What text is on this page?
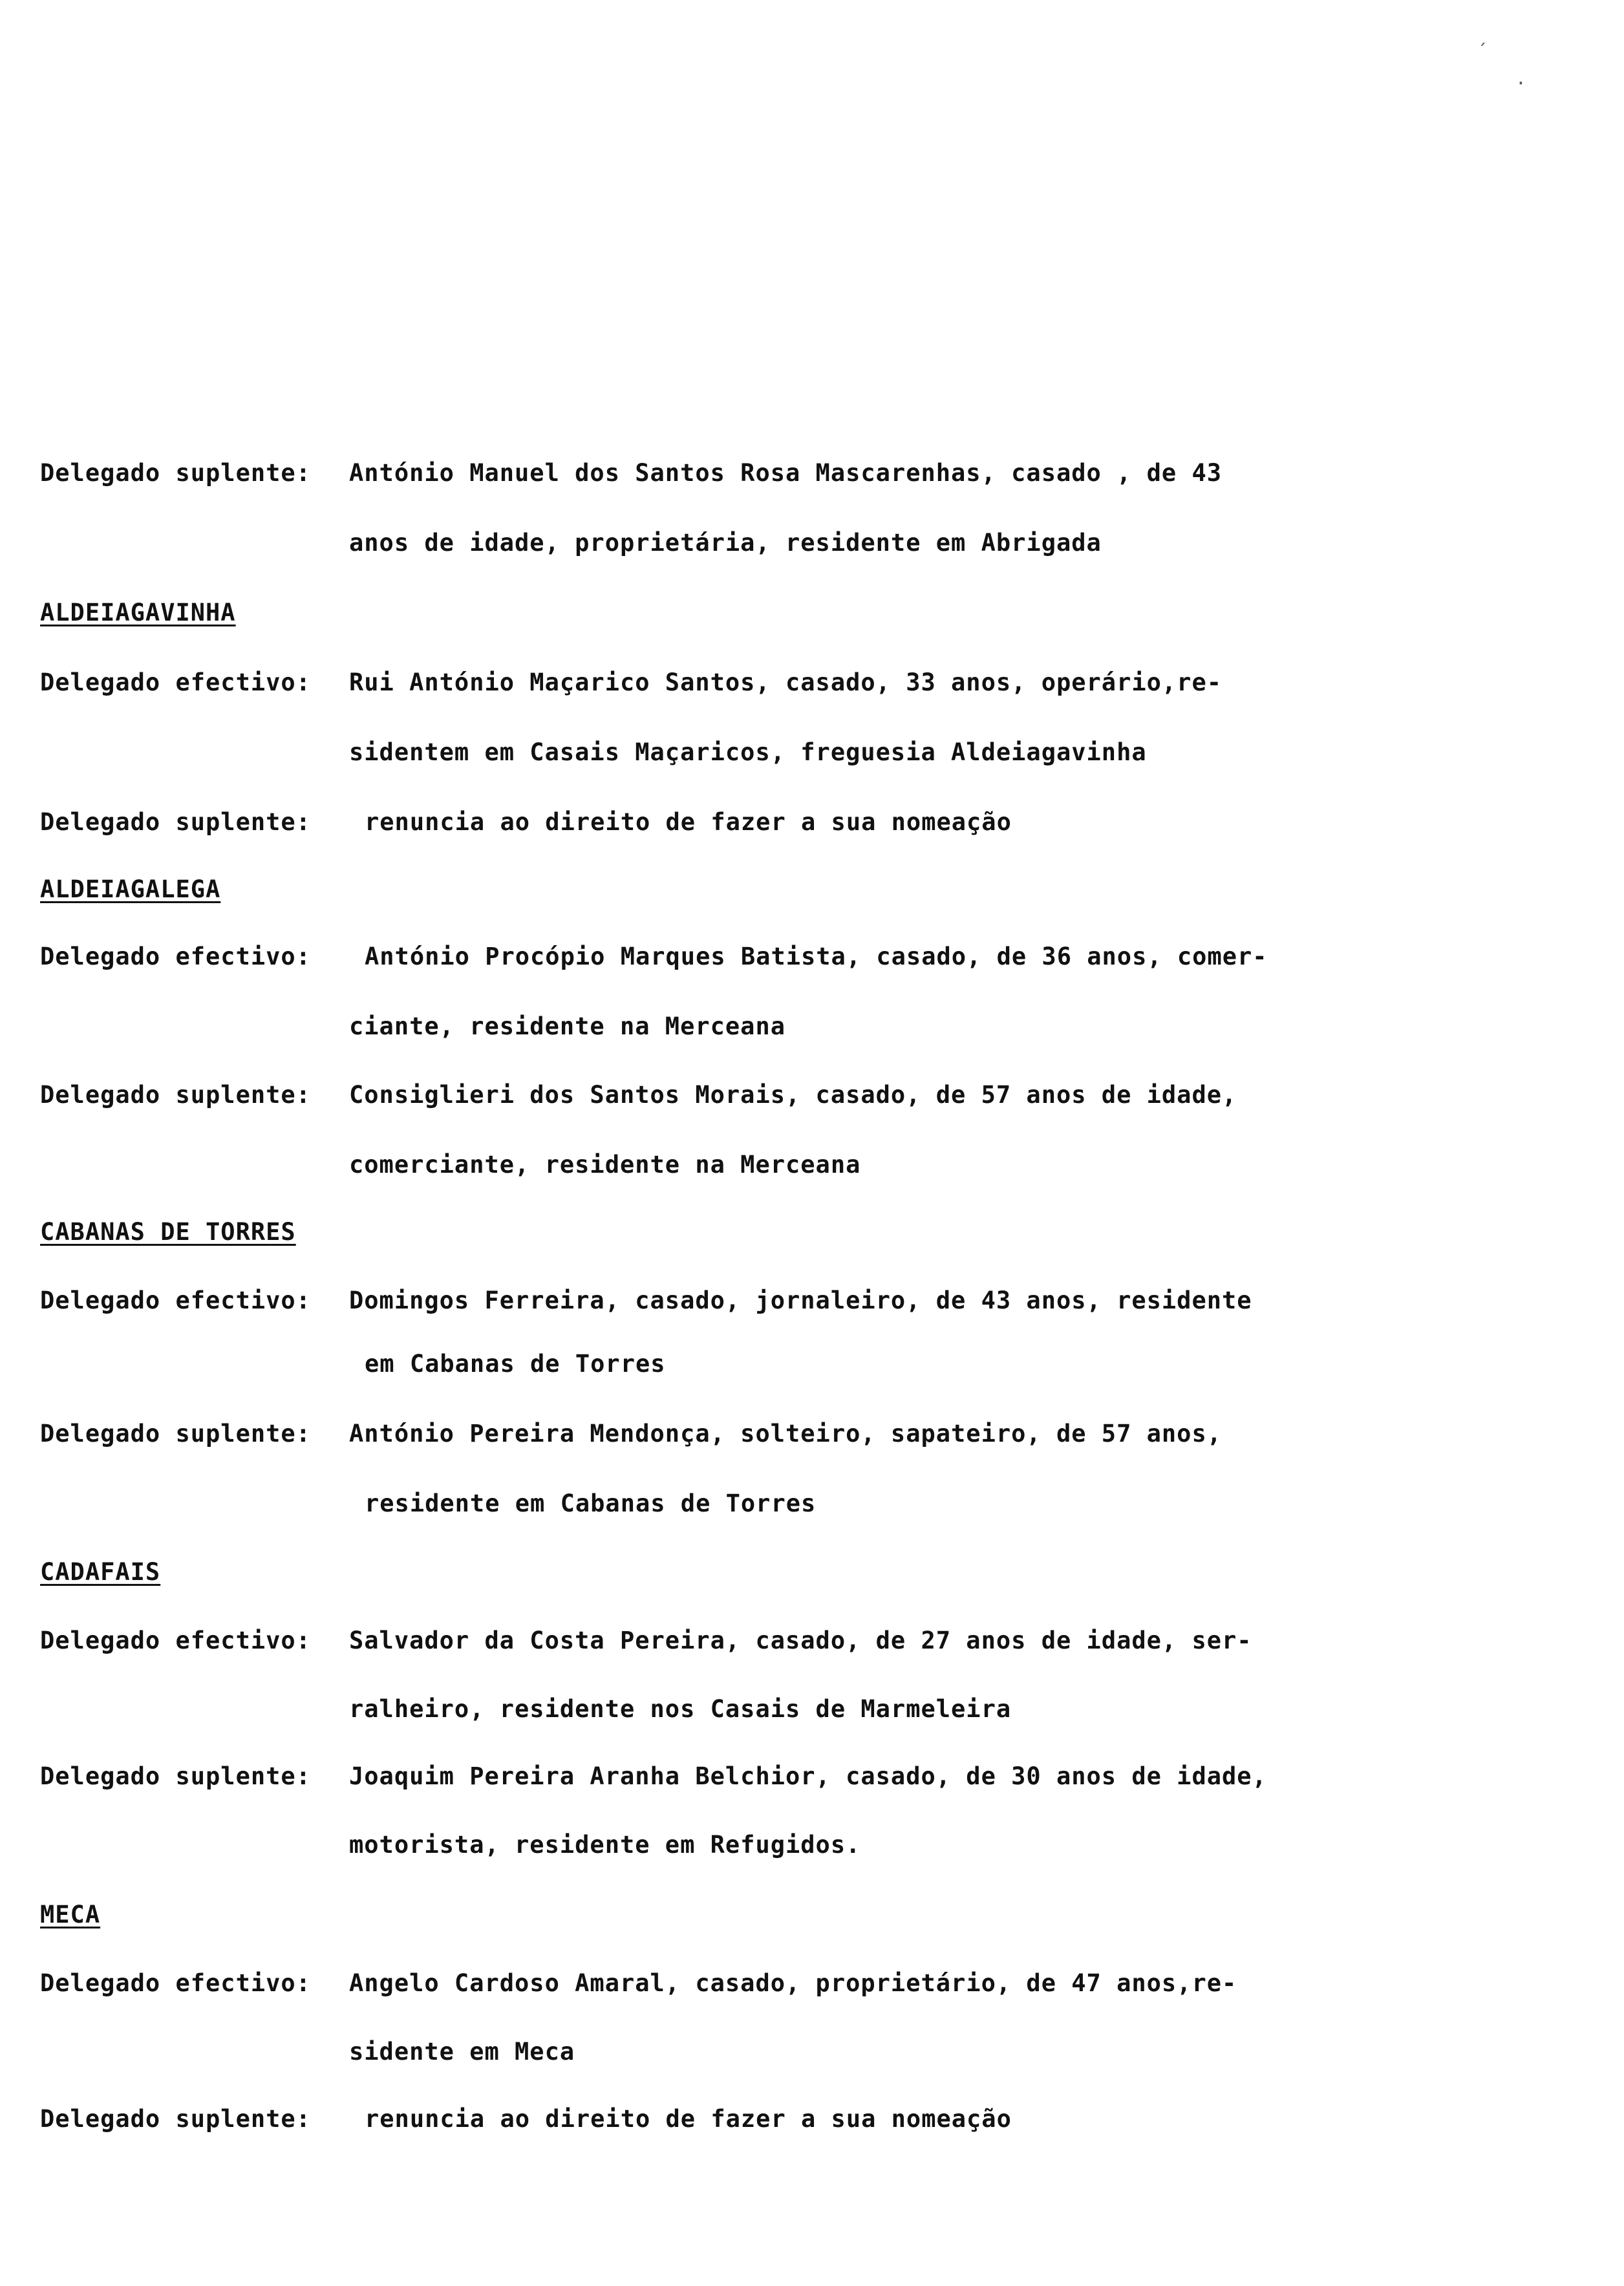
´
·
Delegado suplente: António Manuel dos Santos Rosa Mascarenhas, casado , de 43
anos de idade, proprietária, residente em Abrigada
ALDEIAGAVINHA
Delegado efectivo: Rui António Maçarico Santos, casado, 33 anos, operário,re-
sidentem em Casais Maçaricos, freguesia Aldeiagavinha
Delegado suplente: renuncia ao direito de fazer a sua nomeação
ALDEIAGALEGA
Delegado efectivo: António Procópio Marques Batista, casado, de 36 anos, comer-
ciante, residente na Merceana
Delegado suplente: Consiglieri dos Santos Morais, casado, de 57 anos de idade,
comerciante, residente na Merceana
CABANAS DE TORRES
Delegado efectivo: Domingos Ferreira, casado, jornaleiro, de 43 anos, residente
em Cabanas de Torres
Delegado suplente: António Pereira Mendonça, solteiro, sapateiro, de 57 anos,
residente em Cabanas de Torres
CADAFAIS
Delegado efectivo: Salvador da Costa Pereira, casado, de 27 anos de idade, ser-
ralheiro, residente nos Casais de Marmeleira
Delegado suplente: Joaquim Pereira Aranha Belchior, casado, de 30 anos de idade,
motorista, residente em Refugidos.
MECA
Delegado efectivo: Angelo Cardoso Amaral, casado, proprietário, de 47 anos,re-
sidente em Meca
Delegado suplente: renuncia ao direito de fazer a sua nomeação
